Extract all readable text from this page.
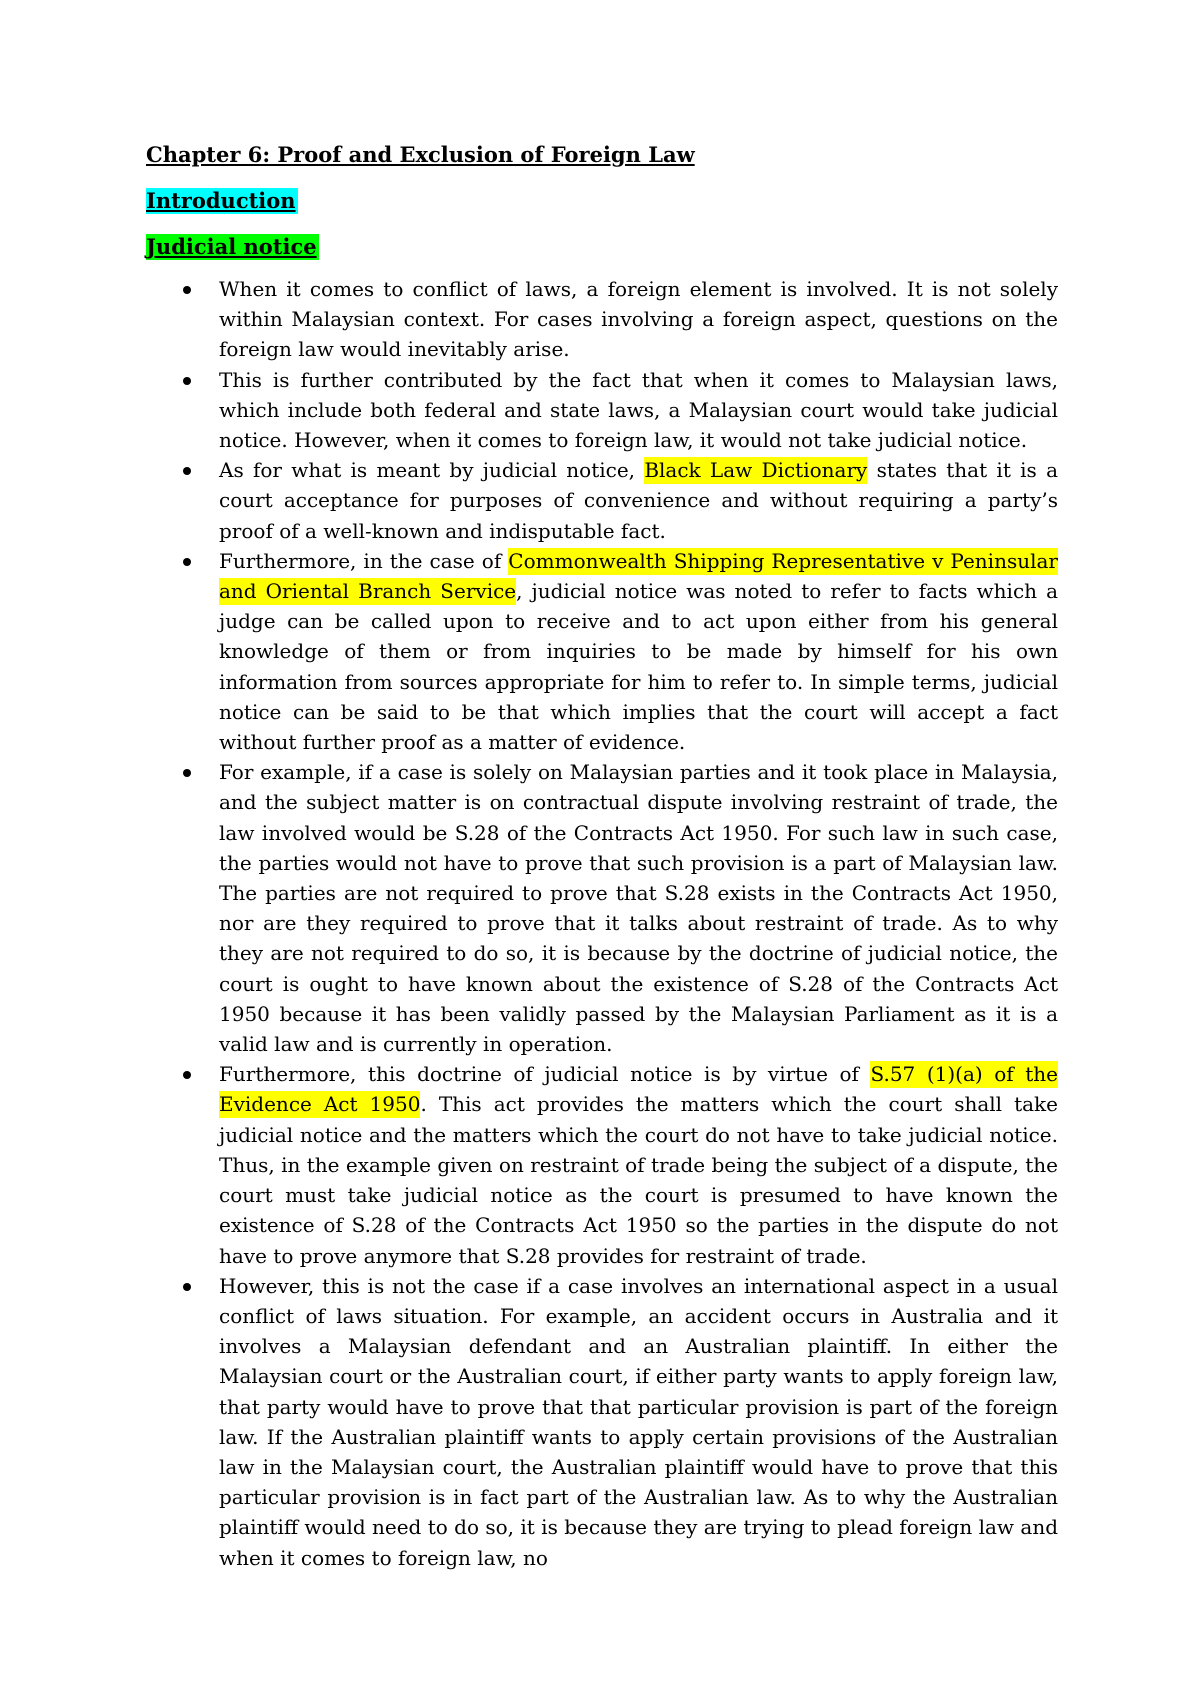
Chapter 6: Proof and Exclusion of Foreign Law
Introduction
Judicial notice
When it comes to conflict of laws, a foreign element is involved. It is not solely within Malaysian context. For cases involving a foreign aspect, questions on the foreign law would inevitably arise.
This is further contributed by the fact that when it comes to Malaysian laws, which include both federal and state laws, a Malaysian court would take judicial notice. However, when it comes to foreign law, it would not take judicial notice.
As for what is meant by judicial notice, Black Law Dictionary states that it is a court acceptance for purposes of convenience and without requiring a party’s proof of a well-known and indisputable fact.
Furthermore, in the case of Commonwealth Shipping Representative v Peninsular and Oriental Branch Service, judicial notice was noted to refer to facts which a judge can be called upon to receive and to act upon either from his general knowledge of them or from inquiries to be made by himself for his own information from sources appropriate for him to refer to. In simple terms, judicial notice can be said to be that which implies that the court will accept a fact without further proof as a matter of evidence.
For example, if a case is solely on Malaysian parties and it took place in Malaysia, and the subject matter is on contractual dispute involving restraint of trade, the law involved would be S.28 of the Contracts Act 1950. For such law in such case, the parties would not have to prove that such provision is a part of Malaysian law. The parties are not required to prove that S.28 exists in the Contracts Act 1950, nor are they required to prove that it talks about restraint of trade. As to why they are not required to do so, it is because by the doctrine of judicial notice, the court is ought to have known about the existence of S.28 of the Contracts Act 1950 because it has been validly passed by the Malaysian Parliament as it is a valid law and is currently in operation.
Furthermore, this doctrine of judicial notice is by virtue of S.57 (1)(a) of the Evidence Act 1950. This act provides the matters which the court shall take judicial notice and the matters which the court do not have to take judicial notice. Thus, in the example given on restraint of trade being the subject of a dispute, the court must take judicial notice as the court is presumed to have known the existence of S.28 of the Contracts Act 1950 so the parties in the dispute do not have to prove anymore that S.28 provides for restraint of trade.
However, this is not the case if a case involves an international aspect in a usual conflict of laws situation. For example, an accident occurs in Australia and it involves a Malaysian defendant and an Australian plaintiff. In either the Malaysian court or the Australian court, if either party wants to apply foreign law, that party would have to prove that that particular provision is part of the foreign law. If the Australian plaintiff wants to apply certain provisions of the Australian law in the Malaysian court, the Australian plaintiff would have to prove that this particular provision is in fact part of the Australian law. As to why the Australian plaintiff would need to do so, it is because they are trying to plead foreign law and when it comes to foreign law, no
